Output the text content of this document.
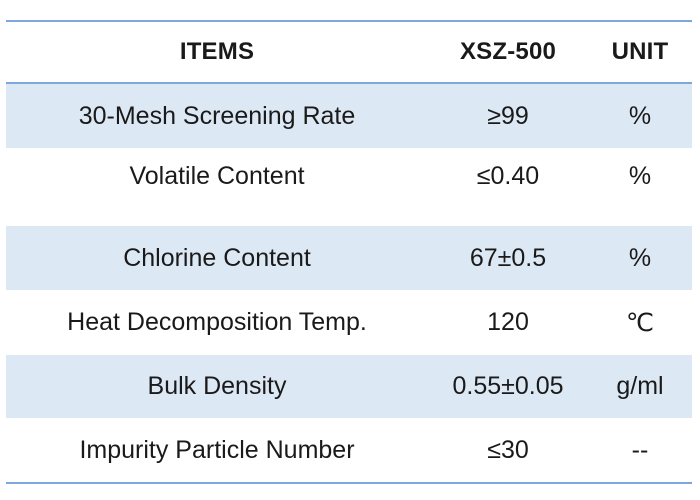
ITEMS	XSZ-500	UNIT
30-Mesh Screening Rate	≥99	%
Volatile Content	≤0.40	%
Chlorine Content	67±0.5	%
Heat Decomposition Temp.	120	℃
Bulk Density	0.55±0.05	g/ml
Impurity Particle Number	≤30	--
